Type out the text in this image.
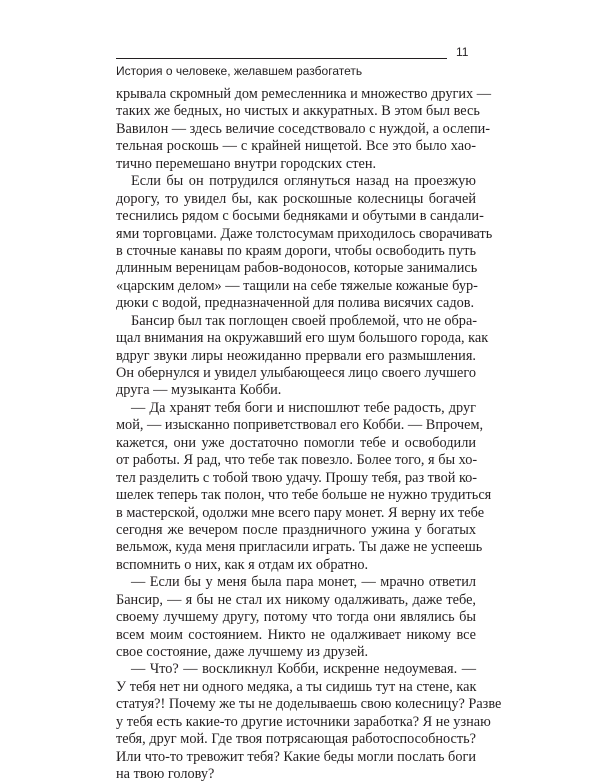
11
История о человеке, желавшем разбогатеть
крывала скромный дом ремесленника и множество других —
таких же бедных, но чистых и аккуратных. В этом был весь
Вавилон — здесь величие соседствовало с нуждой, а ослепи-
тельная роскошь — с крайней нищетой. Все это было хао-
тично перемешано внутри городских стен.
Если бы он потрудился оглянуться назад на проезжую
дорогу, то увидел бы, как роскошные колесницы богачей
теснились рядом с босыми бедняками и обутыми в сандали-
ями торговцами. Даже толстосумам приходилось сворачивать
в сточные канавы по краям дороги, чтобы освободить путь
длинным вереницам рабов-водоносов, которые занимались
«царским делом» — тащили на себе тяжелые кожаные бур-
дюки с водой, предназначенной для полива висячих садов.
Бансир был так поглощен своей проблемой, что не обра-
щал внимания на окружавший его шум большого города, как
вдруг звуки лиры неожиданно прервали его размышления.
Он обернулся и увидел улыбающееся лицо своего лучшего
друга — музыканта Кобби.
— Да хранят тебя боги и ниспошлют тебе радость, друг
мой, — изысканно поприветствовал его Кобби. — Впрочем,
кажется, они уже достаточно помогли тебе и освободили
от работы. Я рад, что тебе так повезло. Более того, я бы хо-
тел разделить с тобой твою удачу. Прошу тебя, раз твой ко-
шелек теперь так полон, что тебе больше не нужно трудиться
в мастерской, одолжи мне всего пару монет. Я верну их тебе
сегодня же вечером после праздничного ужина у богатых
вельмож, куда меня пригласили играть. Ты даже не успеешь
вспомнить о них, как я отдам их обратно.
— Если бы у меня была пара монет, — мрачно ответил
Бансир, — я бы не стал их никому одалживать, даже тебе,
своему лучшему другу, потому что тогда они являлись бы
всем моим состоянием. Никто не одалживает никому все
свое состояние, даже лучшему из друзей.
— Что? — воскликнул Кобби, искренне недоумевая. —
У тебя нет ни одного медяка, а ты сидишь тут на стене, как
статуя?! Почему же ты не доделываешь свою колесницу? Разве
у тебя есть какие-то другие источники заработка? Я не узнаю
тебя, друг мой. Где твоя потрясающая работоспособность?
Или что-то тревожит тебя? Какие беды могли послать боги
на твою голову?
